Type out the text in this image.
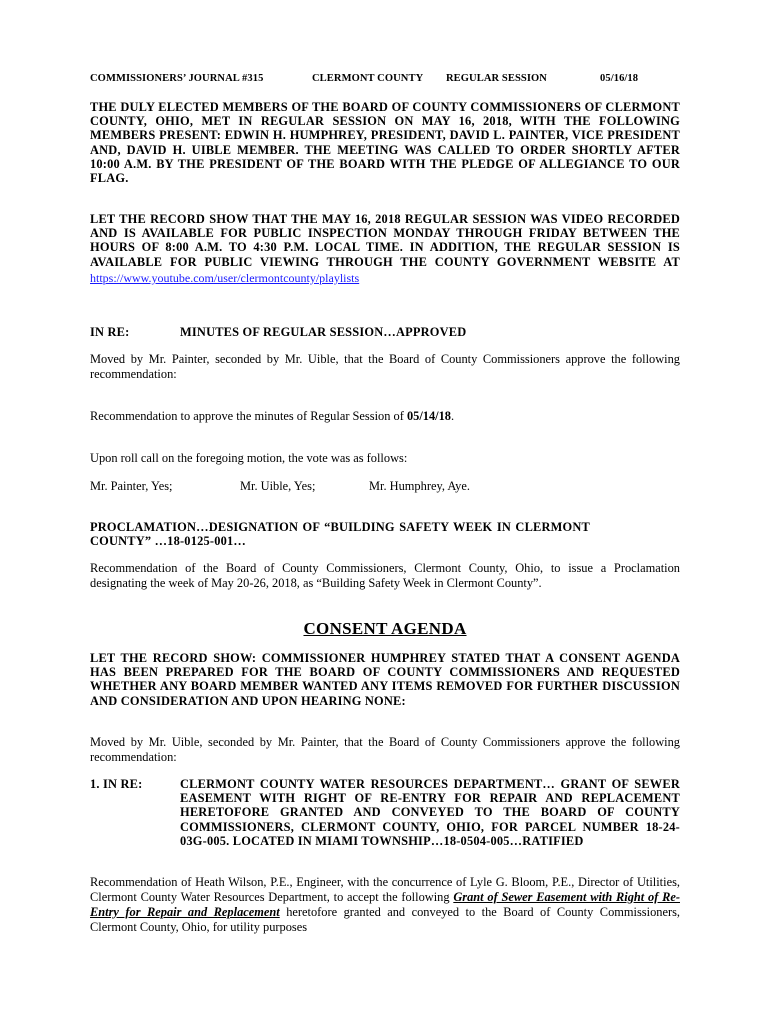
COMMISSIONERS’ JOURNAL #315	CLERMONT COUNTY	REGULAR SESSION	05/16/18

THE DULY ELECTED MEMBERS OF THE BOARD OF COUNTY COMMISSIONERS OF CLERMONT COUNTY, OHIO, MET IN REGULAR SESSION ON MAY 16, 2018, WITH THE FOLLOWING MEMBERS PRESENT: EDWIN H. HUMPHREY, PRESIDENT, DAVID L. PAINTER, VICE PRESIDENT AND, DAVID H. UIBLE MEMBER. THE MEETING WAS CALLED TO ORDER SHORTLY AFTER 10:00 A.M. BY THE PRESIDENT OF THE BOARD WITH THE PLEDGE OF ALLEGIANCE TO OUR FLAG.

LET THE RECORD SHOW THAT THE MAY 16, 2018 REGULAR SESSION WAS VIDEO RECORDED AND IS AVAILABLE FOR PUBLIC INSPECTION MONDAY THROUGH FRIDAY BETWEEN THE HOURS OF 8:00 A.M. TO 4:30 P.M. LOCAL TIME. IN ADDITION, THE REGULAR SESSION IS AVAILABLE FOR PUBLIC VIEWING THROUGH THE COUNTY GOVERNMENT WEBSITE AT

https://www.youtube.com/user/clermontcounty/playlists
IN RE:	MINUTES OF REGULAR SESSION…APPROVED

Moved by Mr. Painter, seconded by Mr. Uible, that the Board of County Commissioners approve the following recommendation:

Recommendation to approve the minutes of Regular Session of 05/14/18.

Upon roll call on the foregoing motion, the vote was as follows:

Mr. Painter, Yes;	Mr. Uible, Yes;	Mr. Humphrey, Aye.

PROCLAMATION…DESIGNATION OF “BUILDING SAFETY WEEK IN CLERMONT COUNTY” …18-0125-001…

Recommendation of the Board of County Commissioners, Clermont County, Ohio, to issue a Proclamation designating the week of May 20-26, 2018, as “Building Safety Week in Clermont County”.

CONSENT AGENDA

LET THE RECORD SHOW: COMMISSIONER HUMPHREY STATED THAT A CONSENT AGENDA HAS BEEN PREPARED FOR THE BOARD OF COUNTY COMMISSIONERS AND REQUESTED WHETHER ANY BOARD MEMBER WANTED ANY ITEMS REMOVED FOR FURTHER DISCUSSION AND CONSIDERATION AND UPON HEARING NONE:

Moved by Mr. Uible, seconded by Mr. Painter, that the Board of County Commissioners approve the following recommendation:

1. IN RE:	CLERMONT COUNTY WATER RESOURCES DEPARTMENT… GRANT OF SEWER EASEMENT WITH RIGHT OF RE-ENTRY FOR REPAIR AND REPLACEMENT HERETOFORE GRANTED AND CONVEYED TO THE BOARD OF COUNTY COMMISSIONERS, CLERMONT COUNTY, OHIO, FOR PARCEL NUMBER 18-24-03G-005. LOCATED IN MIAMI TOWNSHIP…18-0504-005…RATIFIED

Recommendation of Heath Wilson, P.E., Engineer, with the concurrence of Lyle G. Bloom, P.E., Director of Utilities, Clermont County Water Resources Department, to accept the following Grant of Sewer Easement with Right of Re-Entry for Repair and Replacement heretofore granted and conveyed to the Board of County Commissioners, Clermont County, Ohio, for utility purposes
